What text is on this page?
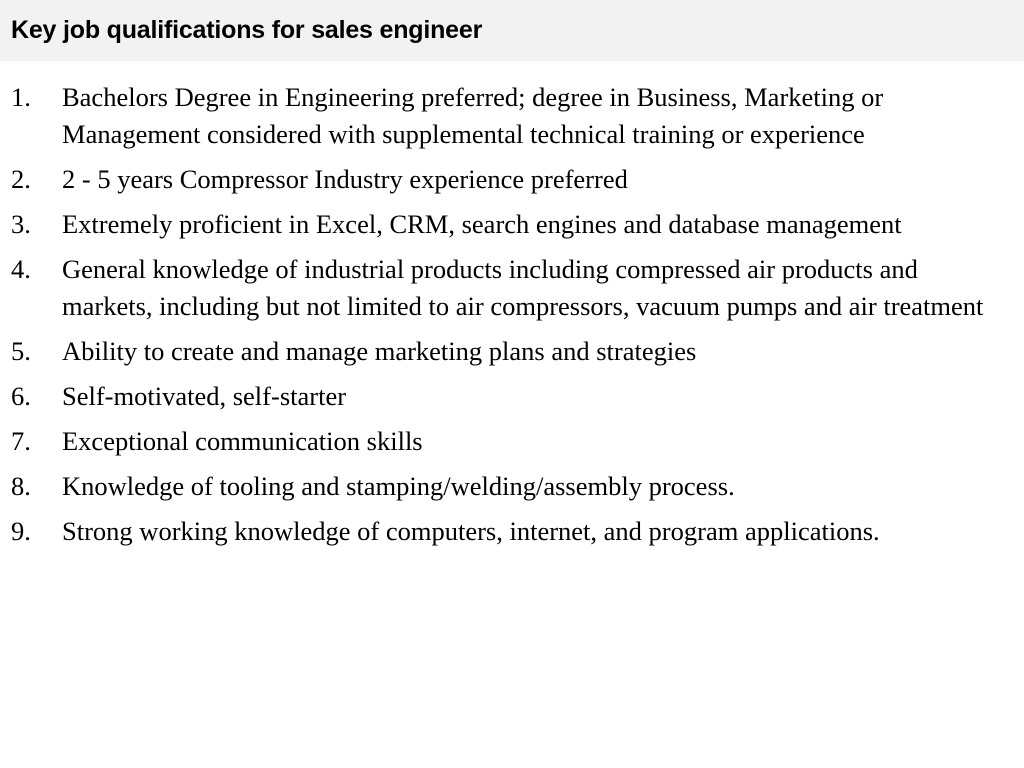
Key job qualifications for sales engineer
1.	Bachelors Degree in Engineering preferred; degree in Business, Marketing or Management considered with supplemental technical training or experience
2.	2 - 5 years Compressor Industry experience preferred
3.	Extremely proficient in Excel, CRM, search engines and database management
4.	General knowledge of industrial products including compressed air products and markets, including but not limited to air compressors, vacuum pumps and air treatment
5.	Ability to create and manage marketing plans and strategies
6.	Self-motivated, self-starter
7.	Exceptional communication skills
8.	Knowledge of tooling and stamping/welding/assembly process.
9.	Strong working knowledge of computers, internet, and program applications.
